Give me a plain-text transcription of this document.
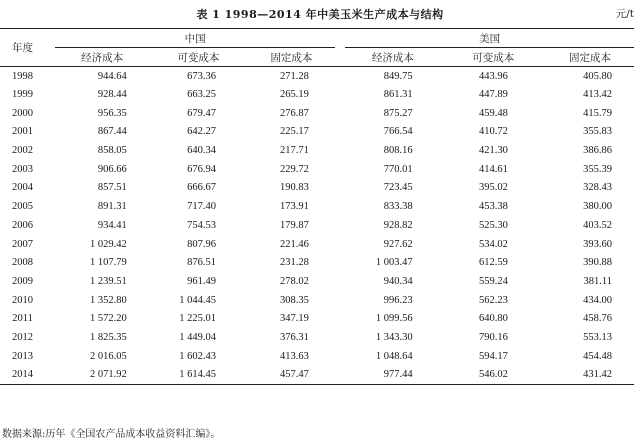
表 1 1998—2014 年中美玉米生产成本与结构	元/t
年度		中国				美国		
		经济成本	可变成本	固定成本		经济成本	可变成本	固定成本
1998		944.64	673.36	271.28		849.75	443.96	405.80
1999		928.44	663.25	265.19		861.31	447.89	413.42
2000		956.35	679.47	276.87		875.27	459.48	415.79
2001		867.44	642.27	225.17		766.54	410.72	355.83
2002		858.05	640.34	217.71		808.16	421.30	386.86
2003		906.66	676.94	229.72		770.01	414.61	355.39
2004		857.51	666.67	190.83		723.45	395.02	328.43
2005		891.31	717.40	173.91		833.38	453.38	380.00
2006		934.41	754.53	179.87		928.82	525.30	403.52
2007		1 029.42	807.96	221.46		927.62	534.02	393.60
2008		1 107.79	876.51	231.28		1 003.47	612.59	390.88
2009		1 239.51	961.49	278.02		940.34	559.24	381.11
2010		1 352.80	1 044.45	308.35		996.23	562.23	434.00
2011		1 572.20	1 225.01	347.19		1 099.56	640.80	458.76
2012		1 825.35	1 449.04	376.31		1 343.30	790.16	553.13
2013		2 016.05	1 602.43	413.63		1 048.64	594.17	454.48
2014		2 071.92	1 614.45	457.47		977.44	546.02	431.42
数据来源:历年《全国农产品成本收益资料汇编》。
